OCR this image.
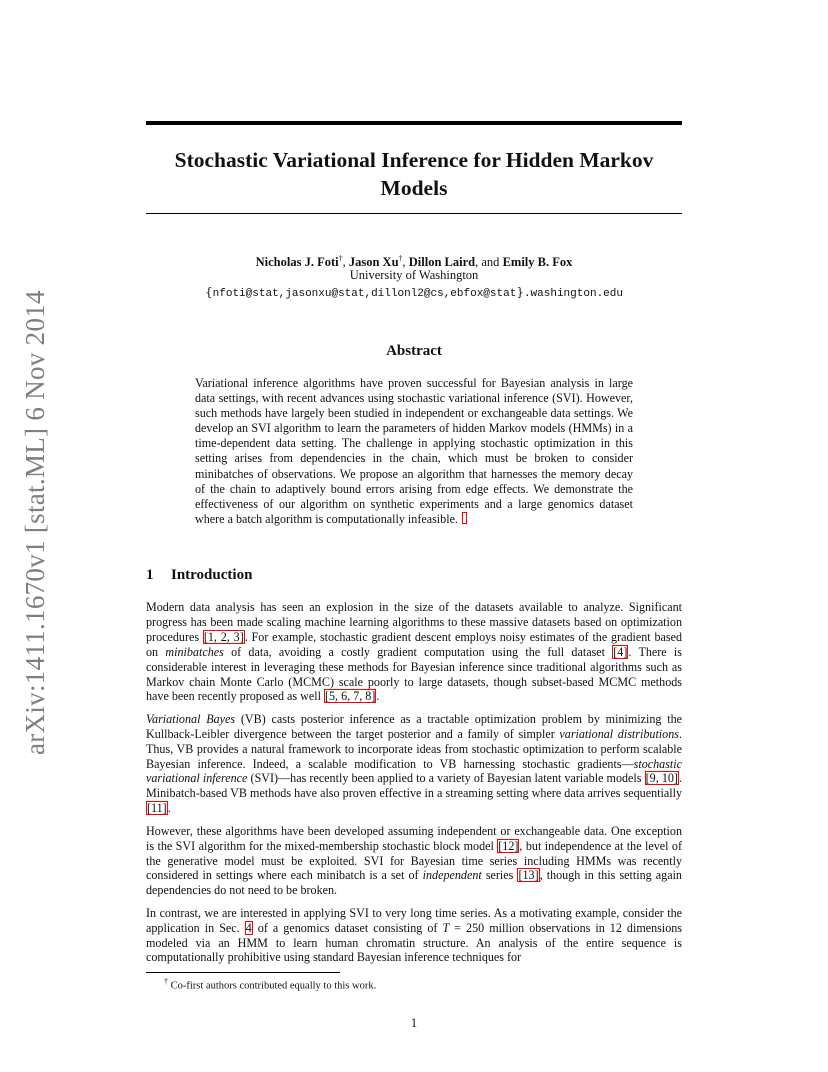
arXiv:1411.1670v1 [stat.ML] 6 Nov 2014
Stochastic Variational Inference for Hidden Markov Models
Nicholas J. Foti†, Jason Xu†, Dillon Laird, and Emily B. Fox
University of Washington
{nfoti@stat,jasonxu@stat,dillonl2@cs,ebfox@stat}.washington.edu
Abstract
Variational inference algorithms have proven successful for Bayesian analysis in large data settings, with recent advances using stochastic variational inference (SVI). However, such methods have largely been studied in independent or exchangeable data settings. We develop an SVI algorithm to learn the parameters of hidden Markov models (HMMs) in a time-dependent data setting. The challenge in applying stochastic optimization in this setting arises from dependencies in the chain, which must be broken to consider minibatches of observations. We propose an algorithm that harnesses the memory decay of the chain to adaptively bound errors arising from edge effects. We demonstrate the effectiveness of our algorithm on synthetic experiments and a large genomics dataset where a batch algorithm is computationally infeasible.
1 Introduction

Modern data analysis has seen an explosion in the size of the datasets available to analyze. Significant progress has been made scaling machine learning algorithms to these massive datasets based on optimization procedures [1, 2, 3]. For example, stochastic gradient descent employs noisy estimates of the gradient based on minibatches of data, avoiding a costly gradient computation using the full dataset [4]. There is considerable interest in leveraging these methods for Bayesian inference since traditional algorithms such as Markov chain Monte Carlo (MCMC) scale poorly to large datasets, though subset-based MCMC methods have been recently proposed as well [5, 6, 7, 8].

Variational Bayes (VB) casts posterior inference as a tractable optimization problem by minimizing the Kullback-Leibler divergence between the target posterior and a family of simpler variational distributions. Thus, VB provides a natural framework to incorporate ideas from stochastic optimization to perform scalable Bayesian inference. Indeed, a scalable modification to VB harnessing stochastic gradients—stochastic variational inference (SVI)—has recently been applied to a variety of Bayesian latent variable models [9, 10]. Minibatch-based VB methods have also proven effective in a streaming setting where data arrives sequentially [11].

However, these algorithms have been developed assuming independent or exchangeable data. One exception is the SVI algorithm for the mixed-membership stochastic block model [12], but independence at the level of the generative model must be exploited. SVI for Bayesian time series including HMMs was recently considered in settings where each minibatch is a set of independent series [13], though in this setting again dependencies do not need to be broken.

In contrast, we are interested in applying SVI to very long time series. As a motivating example, consider the application in Sec. 4 of a genomics dataset consisting of T = 250 million observations in 12 dimensions modeled via an HMM to learn human chromatin structure. An analysis of the entire sequence is computationally prohibitive using standard Bayesian inference techniques for

† Co-first authors contributed equally to this work.
1
